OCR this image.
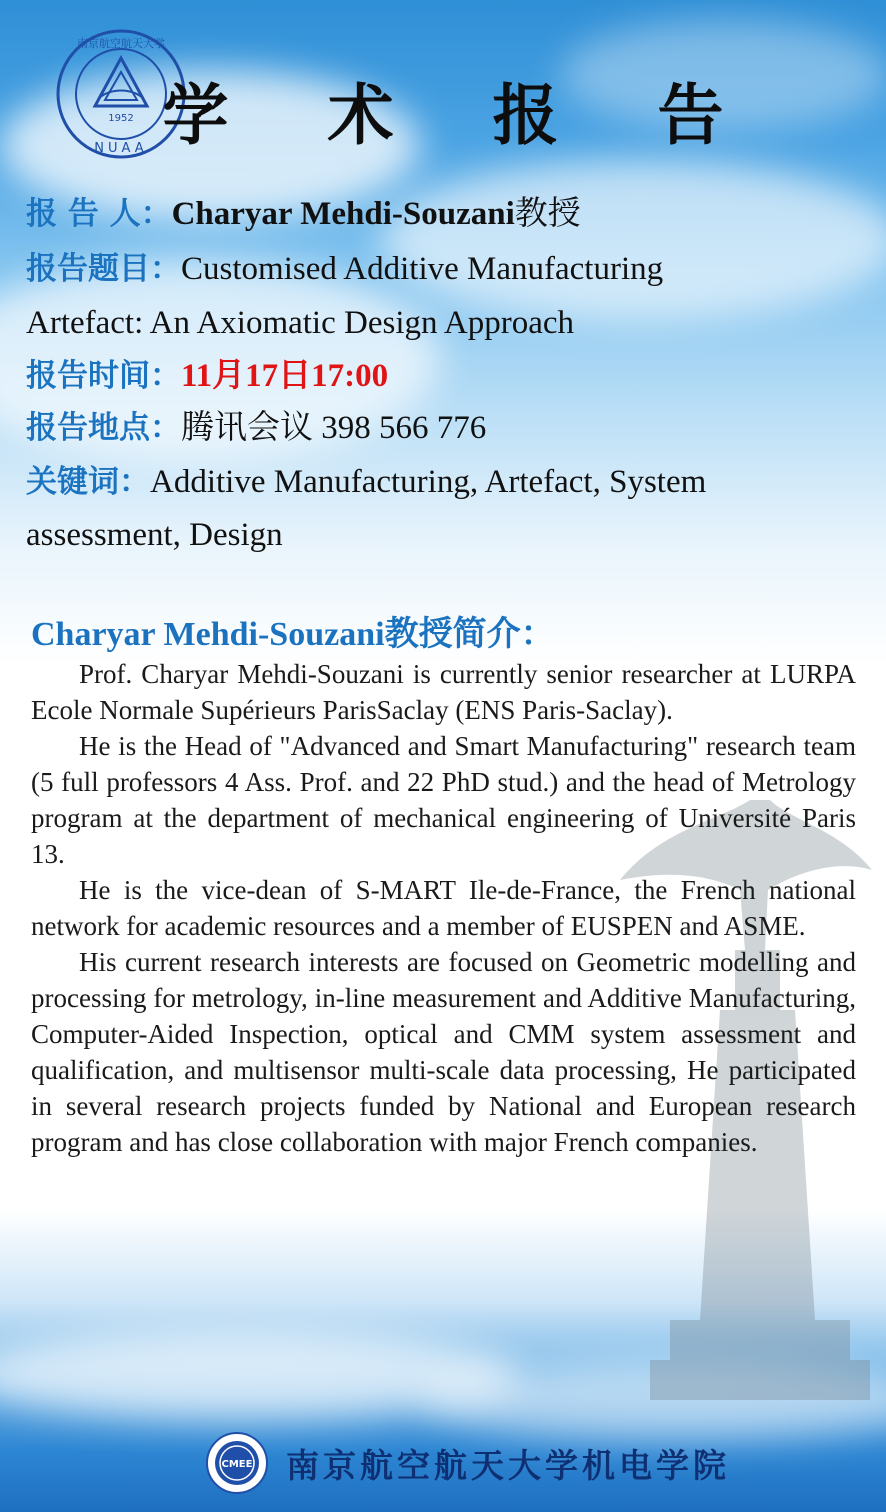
1952
NUAA
南京航空航天大学
学 术 报 告
报 告 人：Charyar Mehdi-Souzani教授
报告题目：Customised Additive Manufacturing
Artefact: An Axiomatic Design Approach
报告时间：11月17日17:00
报告地点：腾讯会议 398 566 776
关键词：Additive Manufacturing, Artefact, System
assessment, Design
Charyar Mehdi-Souzani教授简介：

Prof. Charyar Mehdi-Souzani is currently senior researcher at LURPA Ecole Normale Supérieurs ParisSaclay (ENS Paris-Saclay).

He is the Head of "Advanced and Smart Manufacturing" research team (5 full professors 4 Ass. Prof. and 22 PhD stud.) and the head of Metrology program at the department of mechanical engineering of Université Paris 13.

He is the vice-dean of S-MART Ile-de-France, the French national network for academic resources and a member of EUSPEN and ASME.

His current research interests are focused on Geometric modelling and processing for metrology, in-line measurement and Additive Manufacturing, Computer-Aided Inspection, optical and CMM system assessment and qualification, and multisensor multi-scale data processing, He participated in several research projects funded by National and European research program and has close collaboration with major French companies.

CMEE 南京航空航天大学机电学院
